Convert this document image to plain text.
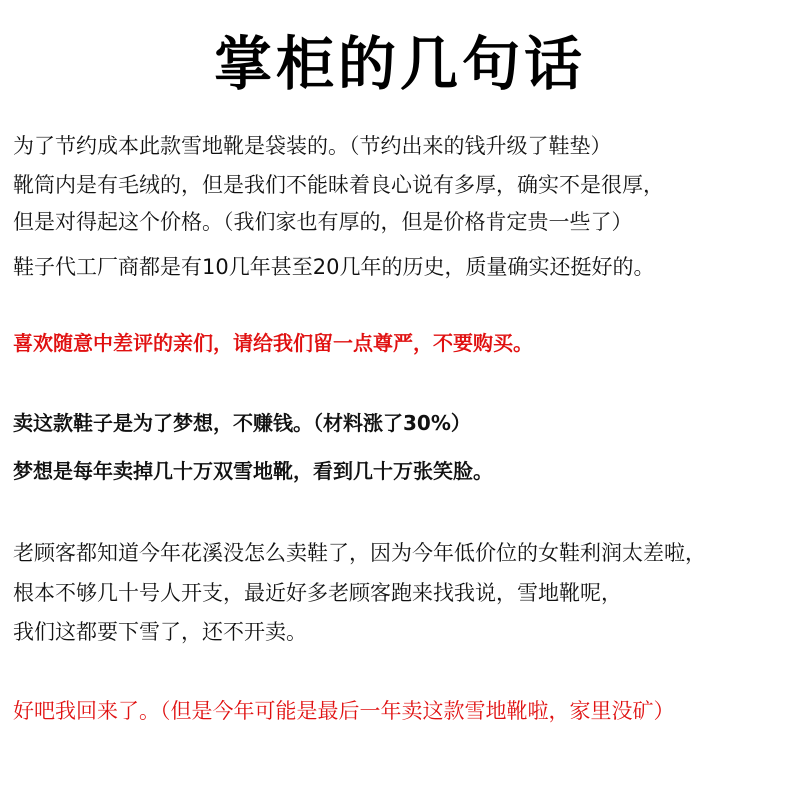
掌柜的几句话
为了节约成本此款雪地靴是袋装的。（节约出来的钱升级了鞋垫）
靴筒内是有毛绒的，但是我们不能昧着良心说有多厚，确实不是很厚，
但是对得起这个价格。（我们家也有厚的，但是价格肯定贵一些了）
鞋子代工厂商都是有10几年甚至20几年的历史，质量确实还挺好的。
喜欢随意中差评的亲们，请给我们留一点尊严，不要购买。
卖这款鞋子是为了梦想，不赚钱。（材料涨了30%）
梦想是每年卖掉几十万双雪地靴，看到几十万张笑脸。
老顾客都知道今年花溪没怎么卖鞋了，因为今年低价位的女鞋利润太差啦，
根本不够几十号人开支，最近好多老顾客跑来找我说，雪地靴呢，
我们这都要下雪了，还不开卖。
好吧我回来了。（但是今年可能是最后一年卖这款雪地靴啦，家里没矿）
